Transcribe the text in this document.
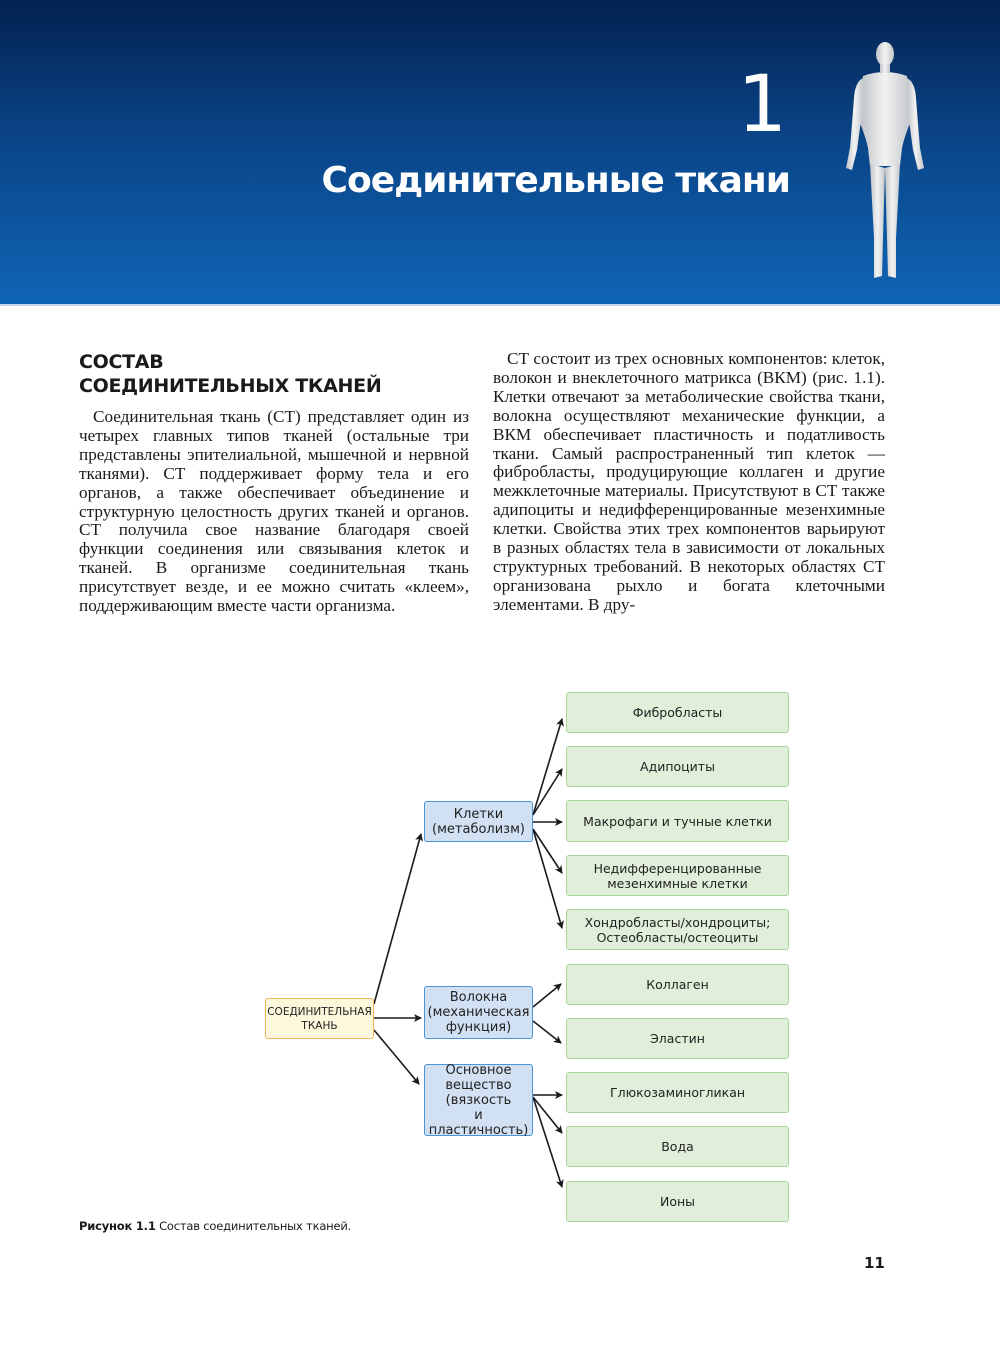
1
Соединительные ткани
СОСТАВ
СОЕДИНИТЕЛЬНЫХ ТКАНЕЙ

Соединительная ткань (СТ) представляет один из четырех главных типов тканей (остальные три представлены эпителиальной, мышечной и нервной тканями). СТ поддерживает форму тела и его органов, а также обеспечивает объединение и структурную целостность других тканей и органов. СТ получила свое название благодаря своей функции соединения или связывания клеток и тканей. В организме соединительная ткань присутствует везде, и ее можно считать «клеем», поддерживающим вместе части организма.

СТ состоит из трех основных компонентов: клеток, волокон и внеклеточного матрикса (ВКМ) (рис. 1.1). Клетки отвечают за метаболические свойства ткани, волокна осуществляют механические функции, а ВКМ обеспечивает пластичность и податливость ткани. Самый распространенный тип клеток — фибробласты, продуцирующие коллаген и другие межклеточные материалы. Присутствуют в СТ также адипоциты и недифференцированные мезенхимные клетки. Свойства этих трех компонентов варьируют в разных областях тела в зависимости от локальных структурных требований. В некоторых областях СТ организована рыхло и богата клеточными элементами. В дру-

СОЕДИНИТЕЛЬНАЯ
ТКАНЬ
Клетки
(метаболизм)
Волокна
(механическая
функция)
Основное
вещество
(вязкость
и пластичность)
Фибробласты
Адипоциты
Макрофаги и тучные клетки
Недифференцированные
мезенхимные клетки
Хондробласты/хондроциты;
Остеобласты/остеоциты
Коллаген
Эластин
Глюкозаминогликан
Вода
Ионы
Рисунок 1.1 Состав соединительных тканей.
11
